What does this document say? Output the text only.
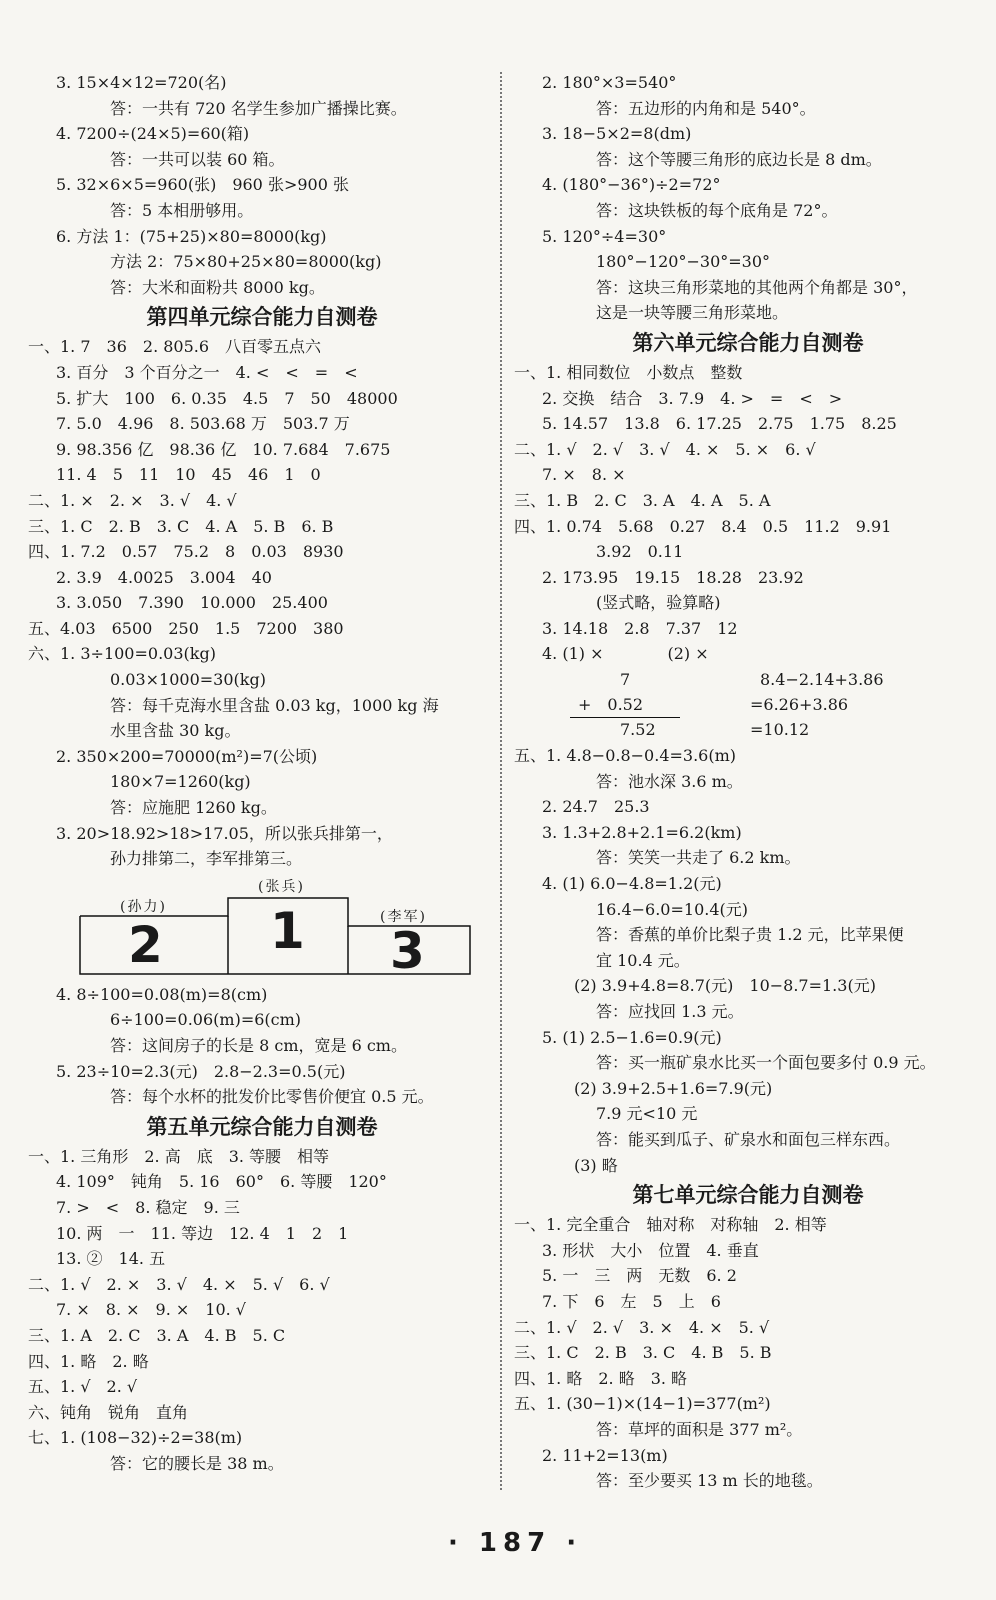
3. 15×4×12=720(名)
答：一共有 720 名学生参加广播操比赛。
4. 7200÷(24×5)=60(箱)
答：一共可以装 60 箱。
5. 32×6×5=960(张)　960 张>900 张
答：5 本相册够用。
6. 方法 1：(75+25)×80=8000(kg)
方法 2：75×80+25×80=8000(kg)
答：大米和面粉共 8000 kg。
第四单元综合能力自测卷
一、1. 7　36　2. 805.6　八百零五点六
3. 百分　3 个百分之一　4. <　<　=　<
5. 扩大　100　6. 0.35　4.5　7　50　48000
7. 5.0　4.96　8. 503.68 万　503.7 万
9. 98.356 亿　98.36 亿　10. 7.684　7.675
11. 4　5　11　10　45　46　1　0
二、1. ×　2. ×　3. √　4. √
三、1. C　2. B　3. C　4. A　5. B　6. B
四、1. 7.2　0.57　75.2　8　0.03　8930
2. 3.9　4.0025　3.004　40
3. 3.050　7.390　10.000　25.400
五、4.03　6500　250　1.5　7200　380
六、1. 3÷100=0.03(kg)
0.03×1000=30(kg)
答：每千克海水里含盐 0.03 kg，1000 kg 海
水里含盐 30 kg。
2. 350×200=70000(m²)=7(公顷)
180×7=1260(kg)
答：应施肥 1260 kg。
3. 20>18.92>18>17.05，所以张兵排第一，
孙力排第二，李军排第三。
(孙力)
(张兵)
(李军)
2 1 3
4. 8÷100=0.08(m)=8(cm)
6÷100=0.06(m)=6(cm)
答：这间房子的长是 8 cm，宽是 6 cm。
5. 23÷10=2.3(元)　2.8−2.3=0.5(元)
答：每个水杯的批发价比零售价便宜 0.5 元。
第五单元综合能力自测卷
一、1. 三角形　2. 高　底　3. 等腰　相等
4. 109°　钝角　5. 16　60°　6. 等腰　120°
7. >　<　8. 稳定　9. 三
10. 两　一　11. 等边　12. 4　1　2　1
13. ②　14. 五
二、1. √　2. ×　3. √　4. ×　5. √　6. √
7. ×　8. ×　9. ×　10. √
三、1. A　2. C　3. A　4. B　5. C
四、1. 略　2. 略
五、1. √　2. √
六、钝角　锐角　直角
七、1. (108−32)÷2=38(m)
答：它的腰长是 38 m。
2. 180°×3=540°
答：五边形的内角和是 540°。
3. 18−5×2=8(dm)
答：这个等腰三角形的底边长是 8 dm。
4. (180°−36°)÷2=72°
答：这块铁板的每个底角是 72°。
5. 120°÷4=30°
180°−120°−30°=30°
答：这块三角形菜地的其他两个角都是 30°，
这是一块等腰三角形菜地。
第六单元综合能力自测卷
一、1. 相同数位　小数点　整数
2. 交换　结合　3. 7.9　4. >　=　<　>
5. 14.57　13.8　6. 17.25　2.75　1.75　8.25
二、1. √　2. √　3. √　4. ×　5. ×　6. √
7. ×　8. ×
三、1. B　2. C　3. A　4. A　5. A
四、1. 0.74　5.68　0.27　8.4　0.5　11.2　9.91
3.92　0.11
2. 173.95　19.15　18.28　23.92
(竖式略，验算略)
3. 14.18　2.8　7.37　12
4. (1) ×　　　　(2) ×
7
+　0.52
7.52
8.4−2.14+3.86
=6.26+3.86
=10.12
五、1. 4.8−0.8−0.4=3.6(m)
答：池水深 3.6 m。
2. 24.7　25.3
3. 1.3+2.8+2.1=6.2(km)
答：笑笑一共走了 6.2 km。
4. (1) 6.0−4.8=1.2(元)
16.4−6.0=10.4(元)
答：香蕉的单价比梨子贵 1.2 元，比苹果便
宜 10.4 元。
(2) 3.9+4.8=8.7(元)　10−8.7=1.3(元)
答：应找回 1.3 元。
5. (1) 2.5−1.6=0.9(元)
答：买一瓶矿泉水比买一个面包要多付 0.9 元。
(2) 3.9+2.5+1.6=7.9(元)
7.9 元<10 元
答：能买到瓜子、矿泉水和面包三样东西。
(3) 略
第七单元综合能力自测卷
一、1. 完全重合　轴对称　对称轴　2. 相等
3. 形状　大小　位置　4. 垂直
5. 一　三　两　无数　6. 2
7. 下　6　左　5　上　6
二、1. √　2. √　3. ×　4. ×　5. √
三、1. C　2. B　3. C　4. B　5. B
四、1. 略　2. 略　3. 略
五、1. (30−1)×(14−1)=377(m²)
答：草坪的面积是 377 m²。
2. 11+2=13(m)
答：至少要买 13 m 长的地毯。
· 187 ·
